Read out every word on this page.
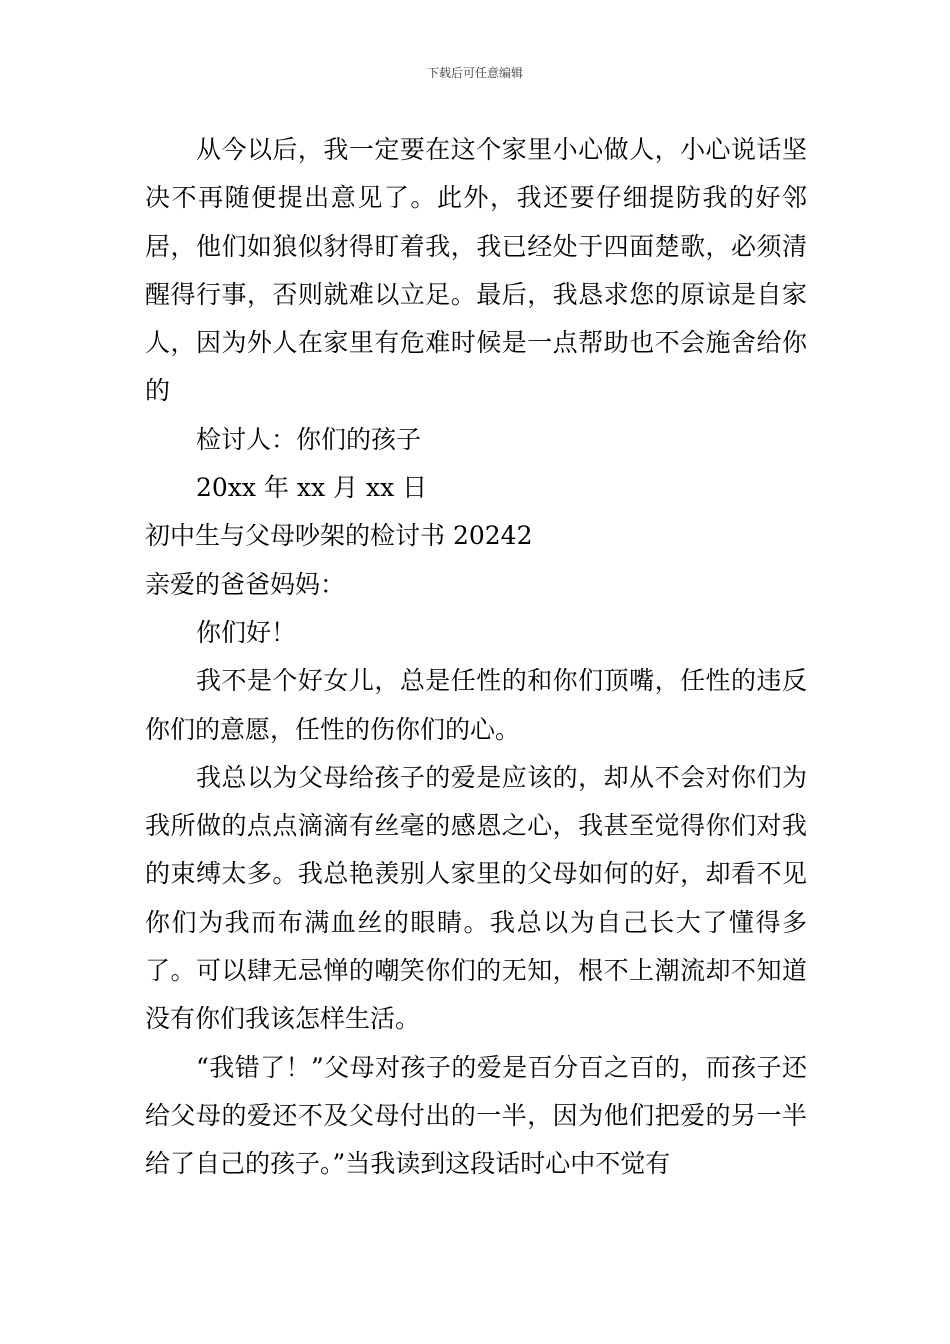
下载后可任意编辑

从今以后，我一定要在这个家里小心做人，小心说话坚决不再随便提出意见了。此外，我还要仔细提防我的好邻居，他们如狼似豺得盯着我，我已经处于四面楚歌，必须清醒得行事，否则就难以立足。最后，我恳求您的原谅是自家人，因为外人在家里有危难时候是一点帮助也不会施舍给你的

检讨人：你们的孩子

20xx 年 xx 月 xx 日

初中生与父母吵架的检讨书 20242

亲爱的爸爸妈妈：

你们好！

我不是个好女儿，总是任性的和你们顶嘴，任性的违反你们的意愿，任性的伤你们的心。

我总以为父母给孩子的爱是应该的，却从不会对你们为我所做的点点滴滴有丝毫的感恩之心，我甚至觉得你们对我的束缚太多。我总艳羡别人家里的父母如何的好，却看不见你们为我而布满血丝的眼睛。我总以为自己长大了懂得多了。可以肆无忌惮的嘲笑你们的无知，根不上潮流却不知道没有你们我该怎样生活。

“我错了！”父母对孩子的爱是百分百之百的，而孩子还给父母的爱还不及父母付出的一半，因为他们把爱的另一半给了自己的孩子。”当我读到这段话时心中不觉有
